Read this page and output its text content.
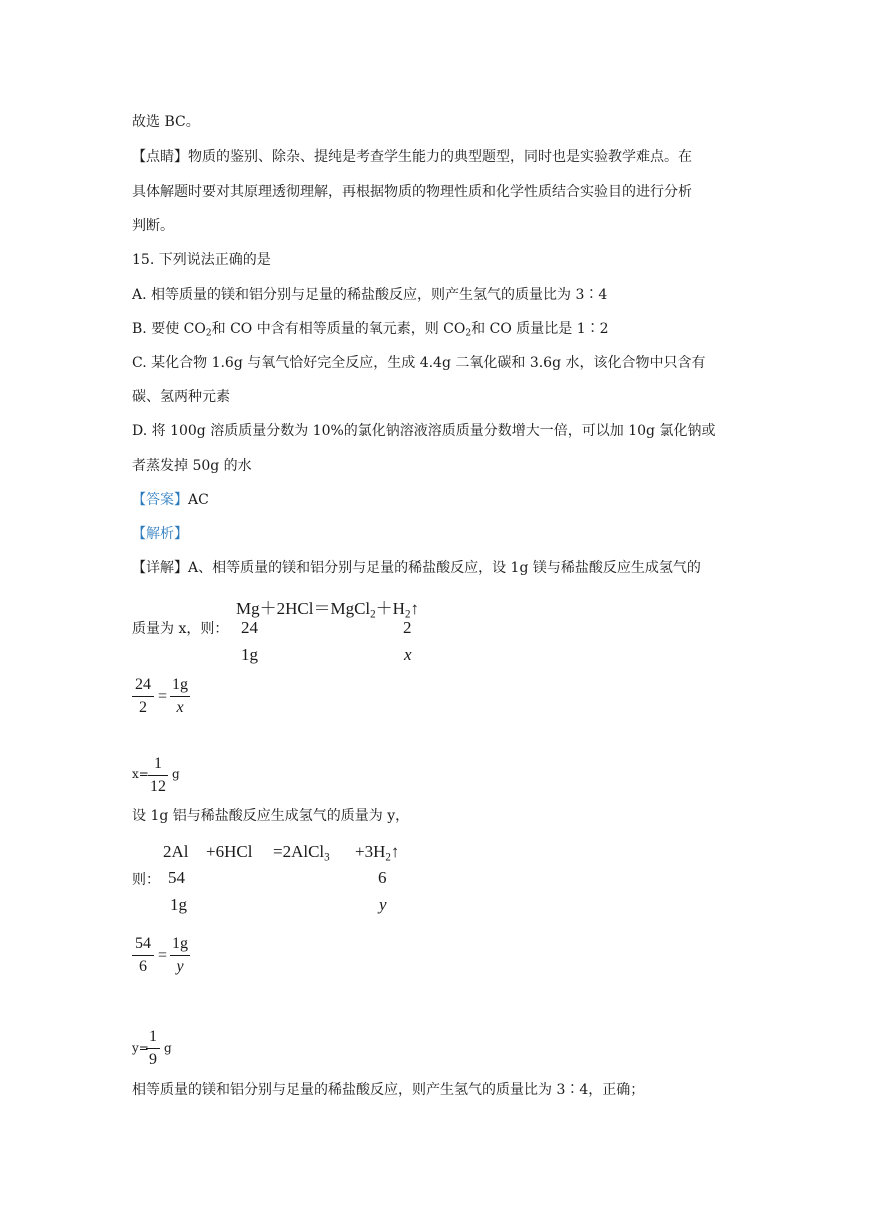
故选 BC。
【点睛】物质的鉴别、除杂、提纯是考查学生能力的典型题型，同时也是实验教学难点。在
具体解题时要对其原理透彻理解，再根据物质的物理性质和化学性质结合实验目的进行分析
判断。
15. 下列说法正确的是
A. 相等质量的镁和铝分别与足量的稀盐酸反应，则产生氢气的质量比为 3∶4
B. 要使 $CO_2$和 CO 中含有相等质量的氧元素，则 $CO_2$和 CO 质量比是 1∶2
C. 某化合物 1.6g 与氧气恰好完全反应，生成 4.4g 二氧化碳和 3.6g 水，该化合物中只含有
碳、氢两种元素
D. 将 100g 溶质质量分数为 10%的氯化钠溶液溶质质量分数增大一倍，可以加 10g 氯化钠或
者蒸发掉 50g 的水
【答案】AC
【解析】
【详解】A、相等质量的镁和铝分别与足量的稀盐酸反应，设 1g 镁与稀盐酸反应生成氢气的
$Mg+2HCl=MgCl_2+H_2↑$
质量为 x，则： 24	2
1g	x
24
2
=
1g
x
x=
1
12
g
设 1g 铝与稀盐酸反应生成氢气的质量为 y，
2Al +6HCl =2AlCl$_3$ $+3H_2↑$
则： 54	6
1g	y
54
6
=
1g
y
y=
1
9
g
相等质量的镁和铝分别与足量的稀盐酸反应，则产生氢气的质量比为 3∶4，正确；
